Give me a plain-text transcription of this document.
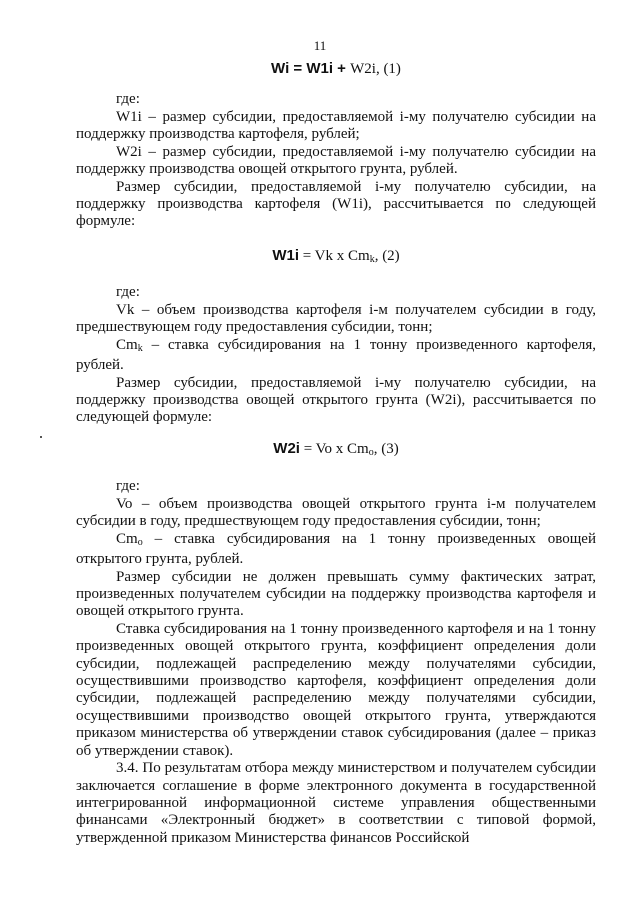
11
Wi = W1i + W2i, (1)
где:

W1i – размер субсидии, предоставляемой i-му получателю субсидии на поддержку производства картофеля, рублей;

W2i – размер субсидии, предоставляемой i-му получателю субсидии на поддержку производства овощей открытого грунта, рублей.

Размер субсидии, предоставляемой i-му получателю субсидии, на поддержку производства картофеля (W1i), рассчитывается по следующей формуле:

W1i = Vk x $Cm_k$, (2)
где:

Vk – объем производства картофеля i-м получателем субсидии в году, предшествующем году предоставления субсидии, тонн;

$Cm_k$ – ставка субсидирования на 1 тонну произведенного картофеля, рублей.

Размер субсидии, предоставляемой i-му получателю субсидии, на поддержку производства овощей открытого грунта (W2i), рассчитывается по следующей формуле:

W2i = Vo x $Cm_o$, (3)
где:

Vo – объем производства овощей открытого грунта i-м получателем субсидии в году, предшествующем году предоставления субсидии, тонн;

$Cm_o$ – ставка субсидирования на 1 тонну произведенных овощей открытого грунта, рублей.

Размер субсидии не должен превышать сумму фактических затрат, произведенных получателем субсидии на поддержку производства картофеля и овощей открытого грунта.

Ставка субсидирования на 1 тонну произведенного картофеля и на 1 тонну произведенных овощей открытого грунта, коэффициент определения доли субсидии, подлежащей распределению между получателями субсидии, осуществившими производство картофеля, коэффициент определения доли субсидии, подлежащей распределению между получателями субсидии, осуществившими производство овощей открытого грунта, утверждаются приказом министерства об утверждении ставок субсидирования (далее – приказ об утверждении ставок).

3.4. По результатам отбора между министерством и получателем субсидии заключается соглашение в форме электронного документа в государственной интегрированной информационной системе управления общественными финансами «Электронный бюджет» в соответствии с типовой формой, утвержденной приказом Министерства финансов Российской
